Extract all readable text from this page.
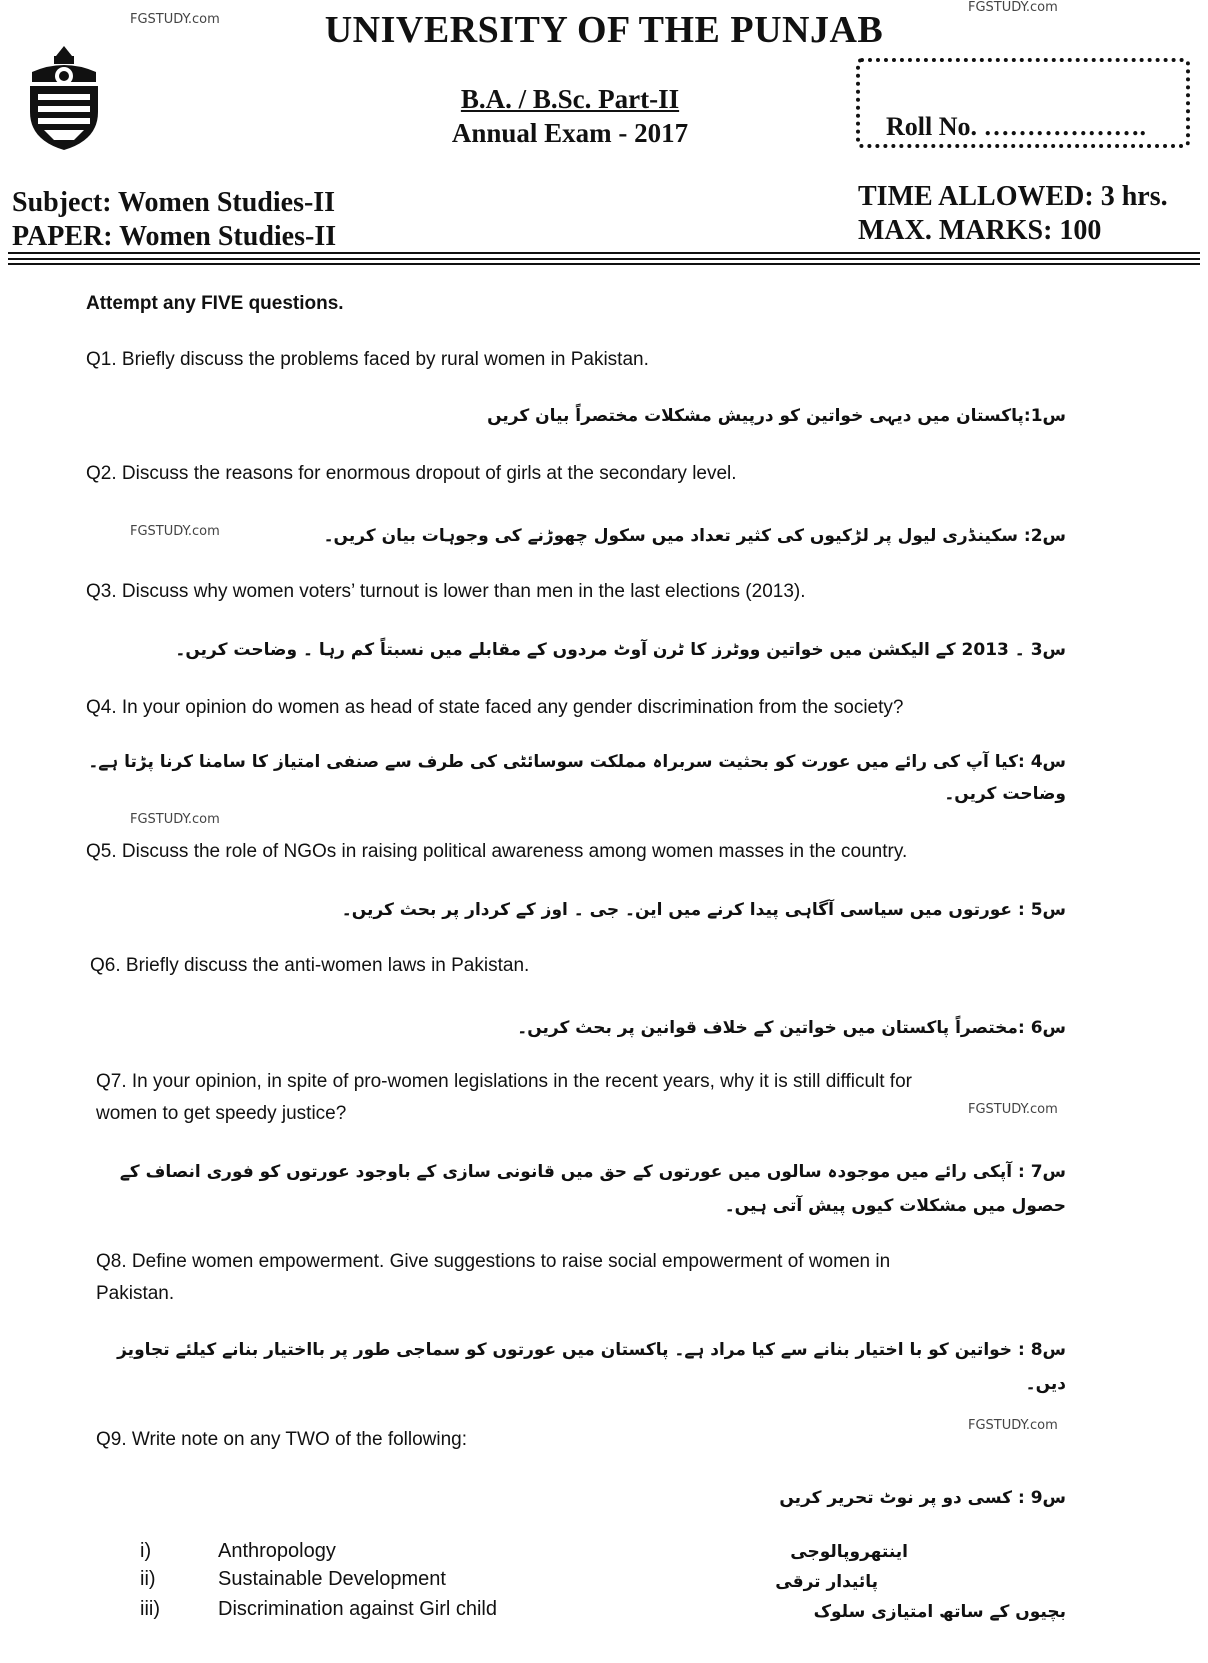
FGSTUDY.com
FGSTUDY.com
FGSTUDY.com
FGSTUDY.com
FGSTUDY.com
FGSTUDY.com
UNIVERSITY OF THE PUNJAB
B.A. / B.Sc. Part-II
Annual Exam - 2017	Roll No. ……………….
Subject: Women Studies-II
PAPER: Women Studies-II
TIME ALLOWED: 3 hrs.
MAX. MARKS: 100
Attempt any FIVE questions.
Q1. Briefly discuss the problems faced by rural women in Pakistan.
س1:پاکستان میں دیہی خواتین کو درپیش مشکلات مختصراً بیان کریں
Q2. Discuss the reasons for enormous dropout of girls at the secondary level.
س2: سکینڈری لیول پر لڑکیوں کی کثیر تعداد میں سکول چھوڑنے کی وجوہات بیان کریں۔
Q3. Discuss why women voters’ turnout is lower than men in the last elections (2013).
س3 ۔ 2013 کے الیکشن میں خواتین ووٹرز کا ٹرن آوٹ مردوں کے مقابلے میں نسبتاً کم رہا ۔ وضاحت کریں۔
Q4. In your opinion do women as head of state faced any gender discrimination from the society?
س4 :کیا آپ کی رائے میں عورت کو بحثیت سربراہ مملکت سوسائٹی کی طرف سے صنفی امتیاز کا سامنا کرنا پڑتا ہے۔
وضاحت کریں۔
Q5. Discuss the role of NGOs in raising political awareness among women masses in the country.
س5 : عورتوں میں سیاسی آگاہی پیدا کرنے میں این۔ جی ۔ اوز کے کردار پر بحث کریں۔
Q6. Briefly discuss the anti-women laws in Pakistan.
س6 :مختصراً پاکستان میں خواتین کے خلاف قوانین پر بحث کریں۔
Q7. In your opinion, in spite of pro-women legislations in the recent years, why it is still difficult for
women to get speedy justice?
س7 : آپکی رائے میں موجودہ سالوں میں عورتوں کے حق میں قانونی سازی کے باوجود عورتوں کو فوری انصاف کے
حصول میں مشکلات کیوں پیش آتی ہیں۔
Q8. Define women empowerment. Give suggestions to raise social empowerment of women in
Pakistan.
س8 : خواتین کو با اختیار بنانے سے کیا مراد ہے۔ پاکستان میں عورتوں کو سماجی طور پر بااختیار بنانے کیلئے تجاویز
دیں۔
Q9. Write note on any TWO of the following:
س9 : کسی دو پر نوٹ تحریر کریں
i)	Anthropology	اینتھروپالوجی
ii)	Sustainable Development	پائیدار ترقی
iii)	Discrimination against Girl child	بچیوں کے ساتھ امتیازی سلوک
